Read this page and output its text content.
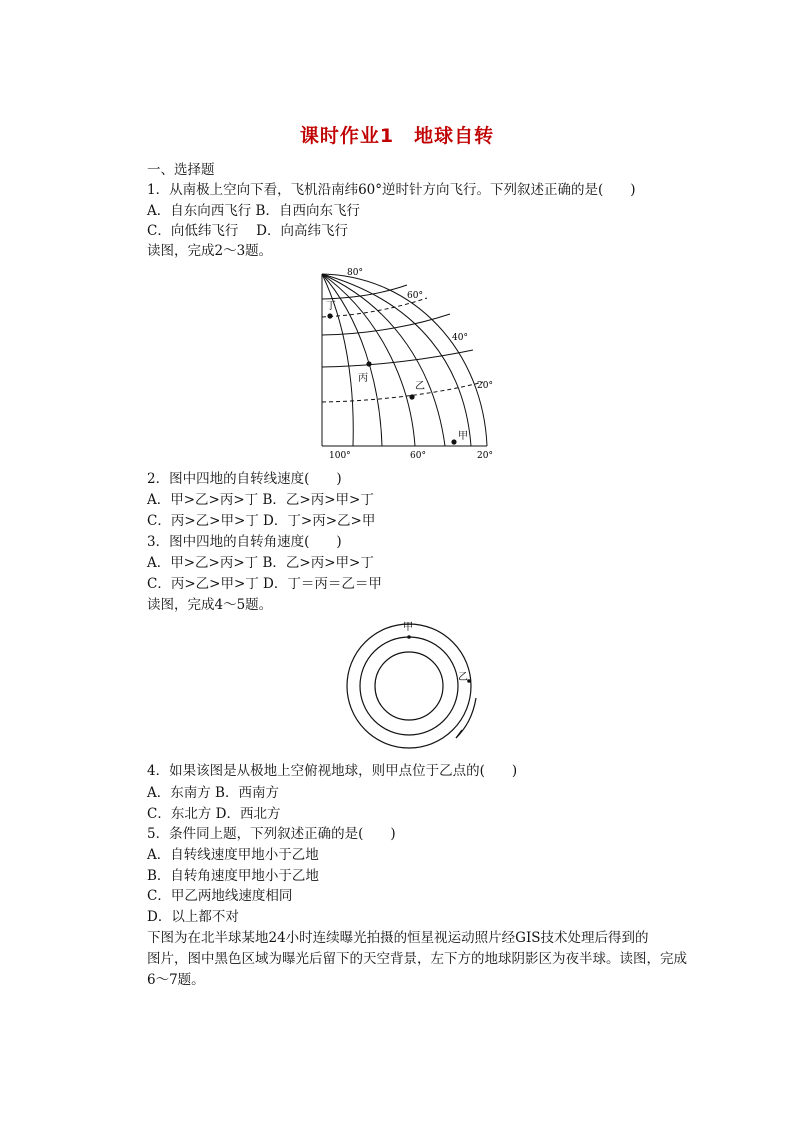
课时作业1　地球自转
一、选择题
1．从南极上空向下看，飞机沿南纬60°逆时针方向飞行。下列叙述正确的是(　　)
A．自东向西飞行 B．自西向东飞行
C．向低纬飞行　 D．向高纬飞行
读图，完成2～3题。
80°
60°
40°
20°
100°	60°	20°
丁
丙
乙
甲
2．图中四地的自转线速度(　　)
A．甲>乙>丙>丁 B．乙>丙>甲>丁
C．丙>乙>甲>丁 D．丁>丙>乙>甲
3．图中四地的自转角速度(　　)
A．甲>乙>丙>丁 B．乙>丙>甲>丁
C．丙>乙>甲>丁 D．丁＝丙＝乙＝甲
读图，完成4～5题。
甲
乙
4．如果该图是从极地上空俯视地球，则甲点位于乙点的(　　)
A．东南方 B．西南方
C．东北方 D．西北方
5．条件同上题，下列叙述正确的是(　　)
A．自转线速度甲地小于乙地
B．自转角速度甲地小于乙地
C．甲乙两地线速度相同
D．以上都不对
下图为在北半球某地24小时连续曝光拍摄的恒星视运动照片经GIS技术处理后得到的
图片，图中黑色区域为曝光后留下的天空背景，左下方的地球阴影区为夜半球。读图，完成
6～7题。
